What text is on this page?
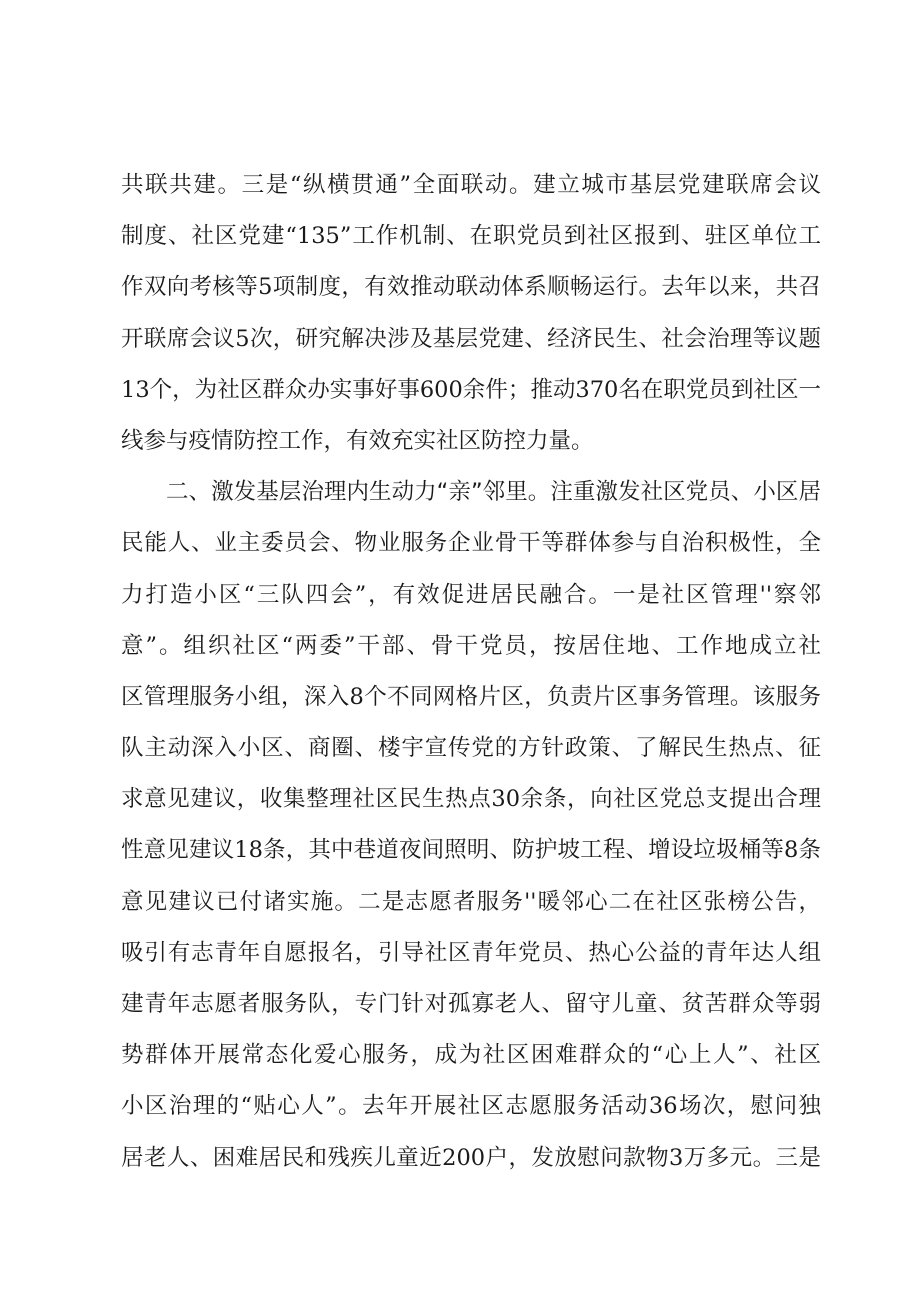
共联共建。三是“纵横贯通”全面联动。建立城市基层党建联席会议
制度、社区党建“135”工作机制、在职党员到社区报到、驻区单位工
作双向考核等5项制度，有效推动联动体系顺畅运行。去年以来，共召
开联席会议5次，研究解决涉及基层党建、经济民生、社会治理等议题
13个，为社区群众办实事好事600余件；推动370名在职党员到社区一
线参与疫情防控工作，有效充实社区防控力量。
二、激发基层治理内生动力“亲”邻里。注重激发社区党员、小区居
民能人、业主委员会、物业服务企业骨干等群体参与自治积极性，全
力打造小区“三队四会”，有效促进居民融合。一是社区管理''察邻
意”。组织社区“两委”干部、骨干党员，按居住地、工作地成立社
区管理服务小组，深入8个不同网格片区，负责片区事务管理。该服务
队主动深入小区、商圈、楼宇宣传党的方针政策、了解民生热点、征
求意见建议，收集整理社区民生热点30余条，向社区党总支提出合理
性意见建议18条，其中巷道夜间照明、防护坡工程、增设垃圾桶等8条
意见建议已付诸实施。二是志愿者服务''暖邻心二在社区张榜公告，
吸引有志青年自愿报名，引导社区青年党员、热心公益的青年达人组
建青年志愿者服务队，专门针对孤寡老人、留守儿童、贫苦群众等弱
势群体开展常态化爱心服务，成为社区困难群众的“心上人”、社区
小区治理的“贴心人”。去年开展社区志愿服务活动36场次，慰问独
居老人、困难居民和残疾儿童近200户，发放慰问款物3万多元。三是
